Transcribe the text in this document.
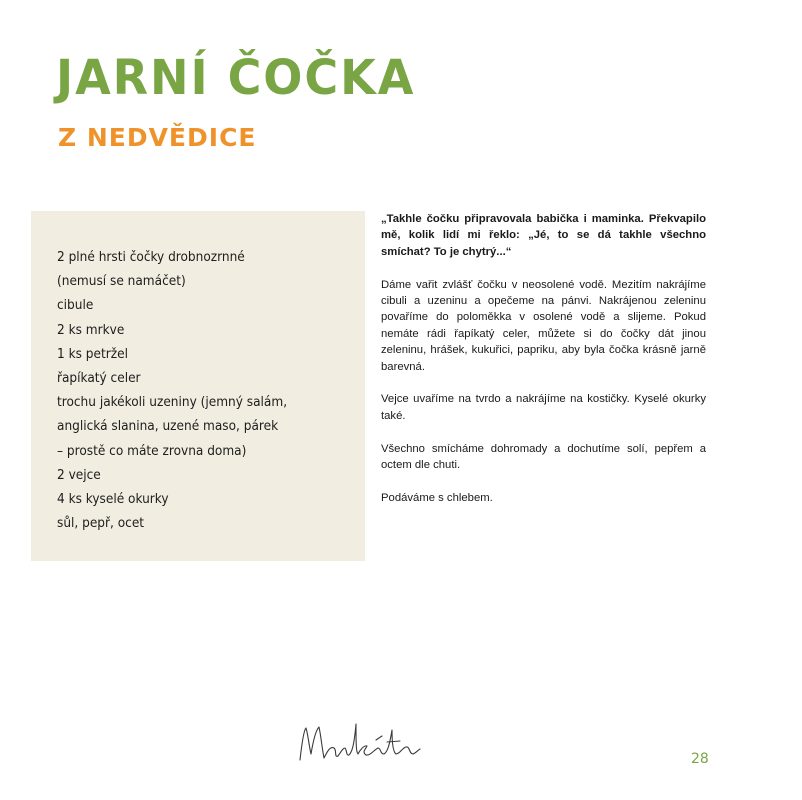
JARNÍ ČOČKA
Z NEDVĚDICE
2 plné hrsti čočky drobnozrnné
(nemusí se namáčet)
cibule
2 ks mrkve
1 ks petržel
řapíkatý celer
trochu jakékoli uzeniny (jemný salám,
anglická slanina, uzené maso, párek
– prostě co máte zrovna doma)
2 vejce
4 ks kyselé okurky
sůl, pepř, ocet

„Takhle čočku připravovala babička i maminka. Překvapilo mě, kolik lidí mi řeklo: „Jé, to se dá takhle všechno smíchat? To je chytrý...“

Dáme vařit zvlášť čočku v neosolené vodě. Mezitím nakrájíme cibuli a uzeninu a opečeme na pánvi. Nakrájenou zeleninu povaříme do poloměkka v osolené vodě a slijeme. Pokud nemáte rádi řapíkatý celer, můžete si do čočky dát jinou zeleninu, hrášek, kukuřici, papriku, aby byla čočka krásně jarně barevná.

Vejce uvaříme na tvrdo a nakrájíme na kostičky. Kyselé okurky také.

Všechno smícháme dohromady a dochutíme solí, pepřem a octem dle chuti.

Podáváme s chlebem.

28
